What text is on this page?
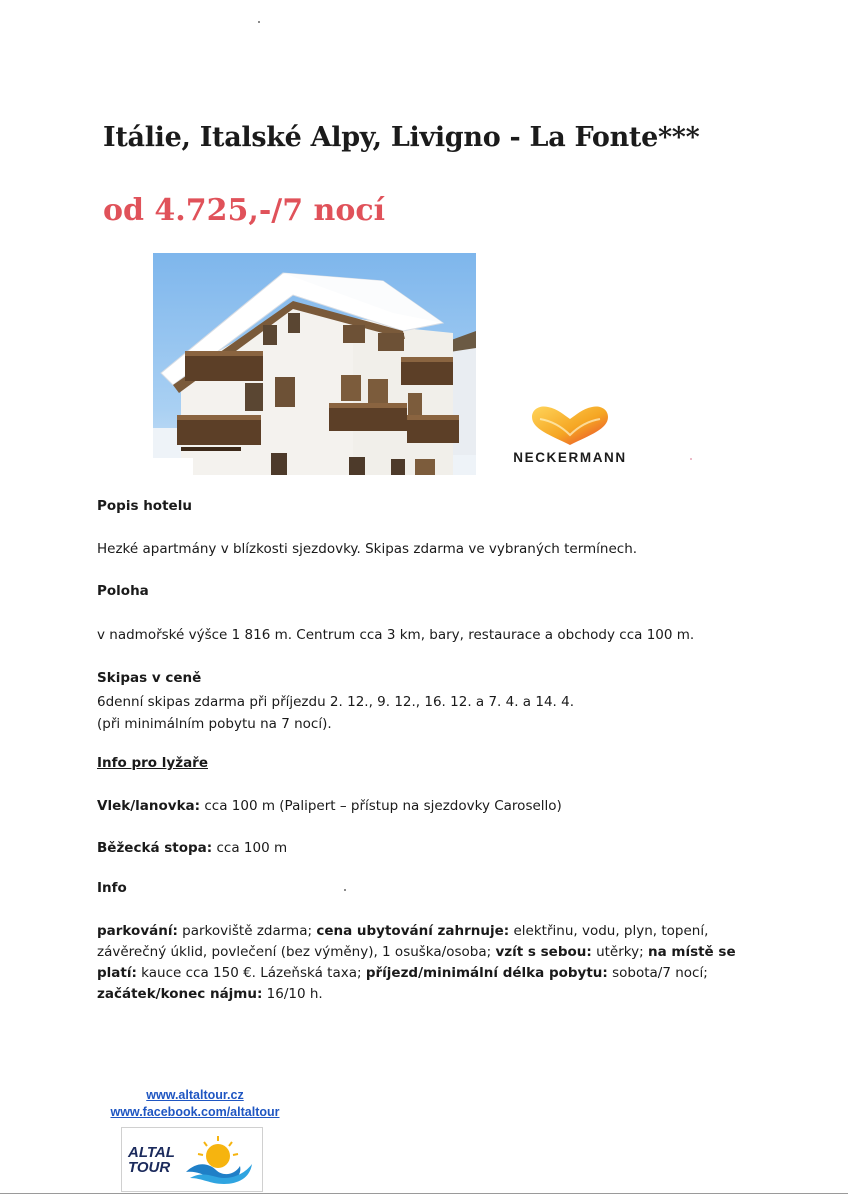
Itálie, Italské Alpy, Livigno - La Fonte***
od 4.725,-/7 nocí
NECKERMANN
Popis hotelu
Hezké apartmány v blízkosti sjezdovky. Skipas zdarma ve vybraných termínech.
Poloha
v nadmořské výšce 1 816 m. Centrum cca 3 km, bary, restaurace a obchody cca 100 m.
Skipas v ceně
6denní skipas zdarma při příjezdu 2. 12., 9. 12., 16. 12. a 7. 4. a 14. 4.
(při minimálním pobytu na 7 nocí).
Info pro lyžaře
Vlek/lanovka: cca 100 m (Palipert – přístup na sjezdovky Carosello)
Běžecká stopa: cca 100 m
Info
parkování: parkoviště zdarma; cena ubytování zahrnuje: elektřinu, vodu, plyn, topení, závěrečný úklid, povlečení (bez výměny), 1 osuška/osoba; vzít s sebou: utěrky; na místě se platí: kauce cca 150 €. Lázeňská taxa; příjezd/minimální délka pobytu: sobota/7 nocí; začátek/konec nájmu: 16/10 h.
www.altaltour.cz
www.facebook.com/altaltour
ALTAL
TOUR
